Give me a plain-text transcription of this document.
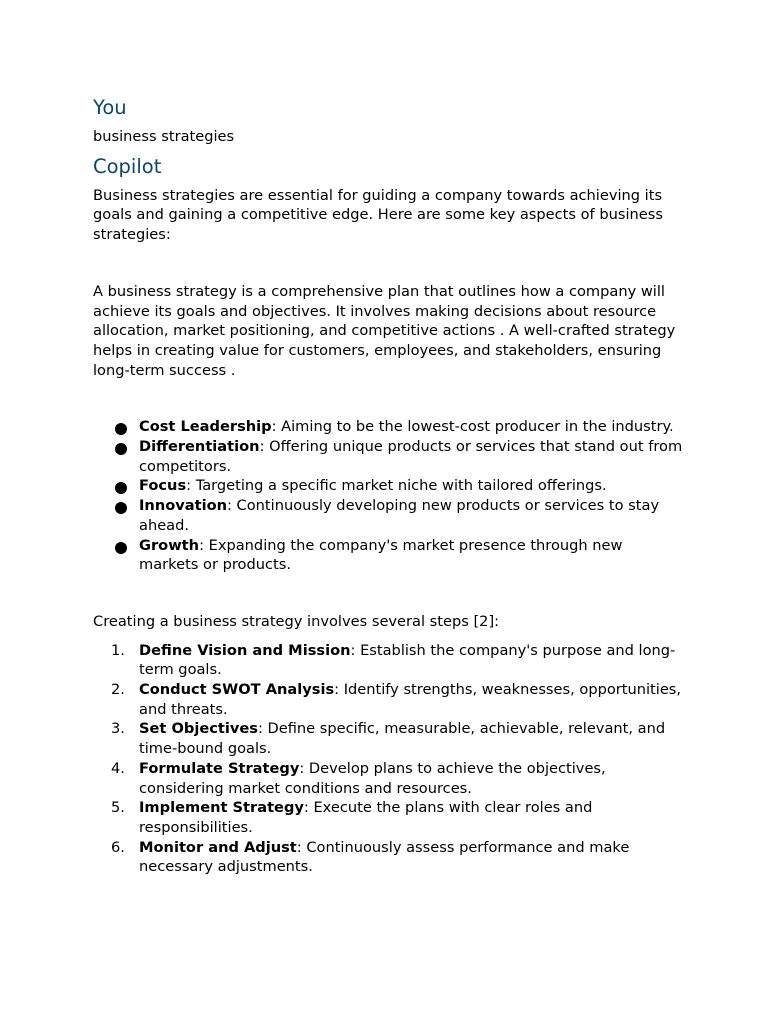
You

business strategies

Copilot

Business strategies are essential for guiding a company towards achieving its goals and gaining a competitive edge. Here are some key aspects of business strategies:

A business strategy is a comprehensive plan that outlines how a company will achieve its goals and objectives. It involves making decisions about resource allocation, market positioning, and competitive actions . A well-crafted strategy helps in creating value for customers, employees, and stakeholders, ensuring long-term success .

Cost Leadership: Aiming to be the lowest-cost producer in the industry.
Differentiation: Offering unique products or services that stand out from competitors.
Focus: Targeting a specific market niche with tailored offerings.
Innovation: Continuously developing new products or services to stay ahead.
Growth: Expanding the company's market presence through new markets or products.

Creating a business strategy involves several steps [2]:

1. Define Vision and Mission: Establish the company's purpose and long-term goals.
2. Conduct SWOT Analysis: Identify strengths, weaknesses, opportunities, and threats.
3. Set Objectives: Define specific, measurable, achievable, relevant, and time-bound goals.
4. Formulate Strategy: Develop plans to achieve the objectives, considering market conditions and resources.
5. Implement Strategy: Execute the plans with clear roles and responsibilities.
6. Monitor and Adjust: Continuously assess performance and make necessary adjustments.
